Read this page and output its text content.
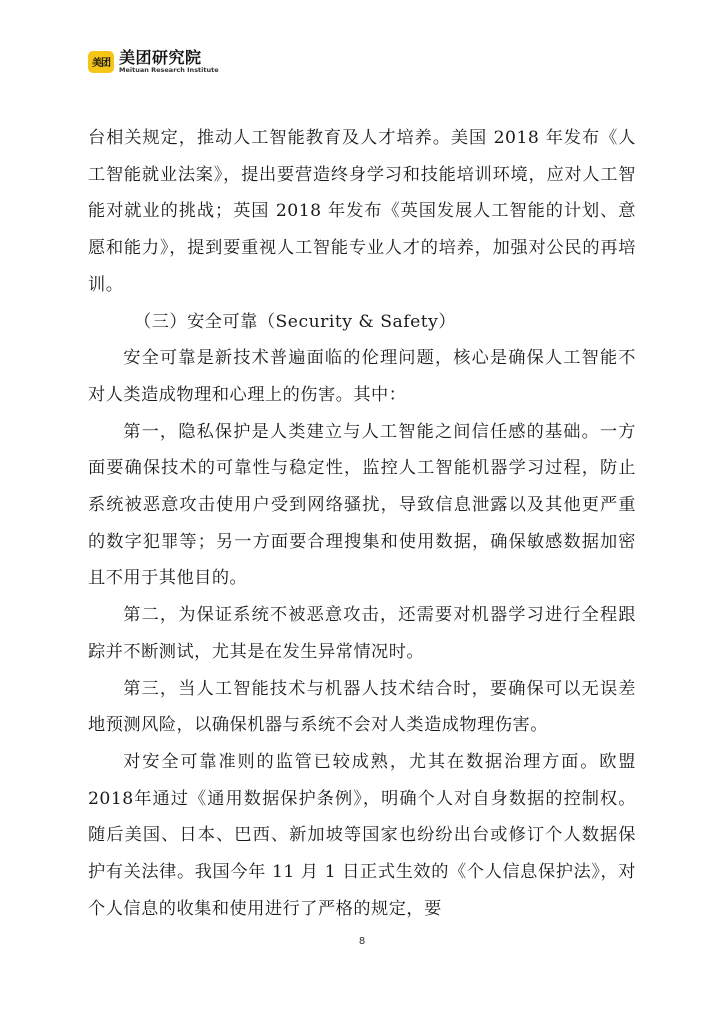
美团 美团研究院
Meituan Research Institute

台相关规定，推动人工智能教育及人才培养。美国 2018 年发布《人工智能就业法案》，提出要营造终身学习和技能培训环境，应对人工智能对就业的挑战；英国 2018 年发布《英国发展人工智能的计划、意愿和能力》，提到要重视人工智能专业人才的培养，加强对公民的再培训。

（三）安全可靠（Security & Safety）

安全可靠是新技术普遍面临的伦理问题，核心是确保人工智能不对人类造成物理和心理上的伤害。其中：

第一，隐私保护是人类建立与人工智能之间信任感的基础。一方面要确保技术的可靠性与稳定性，监控人工智能机器学习过程，防止系统被恶意攻击使用户受到网络骚扰，导致信息泄露以及其他更严重的数字犯罪等；另一方面要合理搜集和使用数据，确保敏感数据加密且不用于其他目的。

第二，为保证系统不被恶意攻击，还需要对机器学习进行全程跟踪并不断测试，尤其是在发生异常情况时。

第三，当人工智能技术与机器人技术结合时，要确保可以无误差地预测风险，以确保机器与系统不会对人类造成物理伤害。

对安全可靠准则的监管已较成熟，尤其在数据治理方面。欧盟2018年通过《通用数据保护条例》，明确个人对自身数据的控制权。随后美国、日本、巴西、新加坡等国家也纷纷出台或修订个人数据保护有关法律。我国今年 11 月 1 日正式生效的《个人信息保护法》，对个人信息的收集和使用进行了严格的规定，要

8
